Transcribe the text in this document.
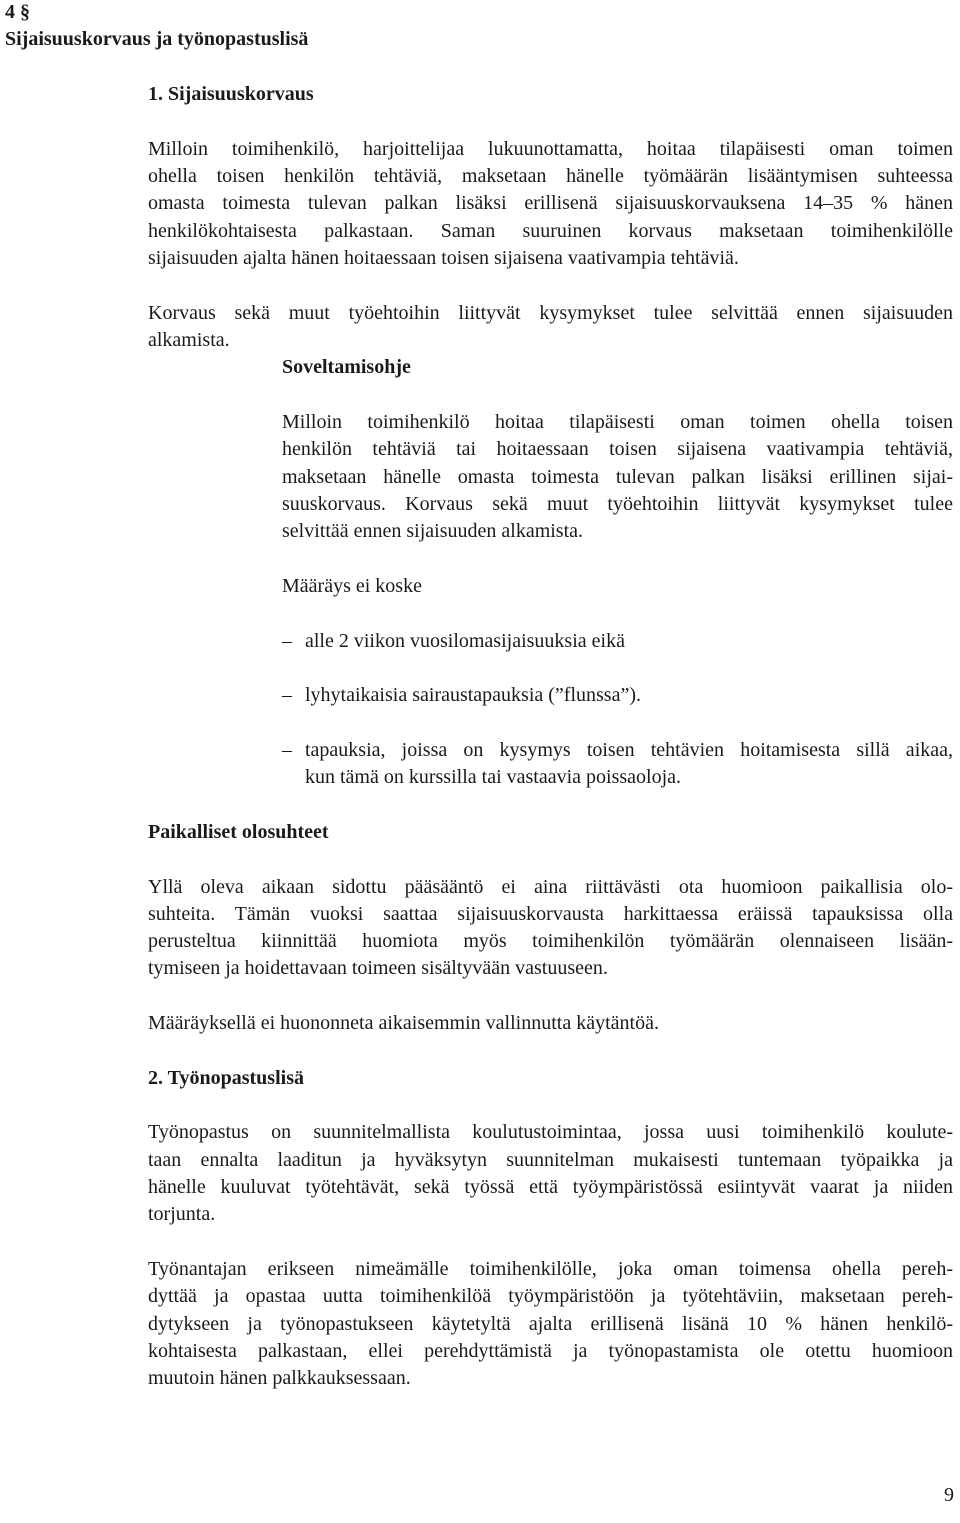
4 §
Sijaisuuskorvaus ja työnopastuslisä
1. Sijaisuuskorvaus
Milloin toimihenkilö, harjoittelijaa lukuunottamatta, hoitaa tilapäisesti oman toimen
ohella toisen henkilön tehtäviä, maksetaan hänelle työmäärän lisääntymisen suhteessa
omasta toimesta tulevan palkan lisäksi erillisenä sijaisuuskorvauksena 14–35 % hänen
henkilökohtaisesta palkastaan. Saman suuruinen korvaus maksetaan toimihenkilölle
sijaisuuden ajalta hänen hoitaessaan toisen sijaisena vaativampia tehtäviä.
Korvaus sekä muut työehtoihin liittyvät kysymykset tulee selvittää ennen sijaisuuden
alkamista.
Soveltamisohje
Milloin toimihenkilö hoitaa tilapäisesti oman toimen ohella toisen
henkilön tehtäviä tai hoitaessaan toisen sijaisena vaativampia tehtäviä,
maksetaan hänelle omasta toimesta tulevan palkan lisäksi erillinen sijai-
suuskorvaus. Korvaus sekä muut työehtoihin liittyvät kysymykset tulee
selvittää ennen sijaisuuden alkamista.
Määräys ei koske
– alle 2 viikon vuosilomasijaisuuksia eikä
– lyhytaikaisia sairaustapauksia (”flunssa”).
– tapauksia, joissa on kysymys toisen tehtävien hoitamisesta sillä aikaa,
kun tämä on kurssilla tai vastaavia poissaoloja.
Paikalliset olosuhteet
Yllä oleva aikaan sidottu pääsääntö ei aina riittävästi ota huomioon paikallisia olo-
suhteita. Tämän vuoksi saattaa sijaisuuskorvausta harkittaessa eräissä tapauksissa olla
perusteltua kiinnittää huomiota myös toimihenkilön työmäärän olennaiseen lisään-
tymiseen ja hoidettavaan toimeen sisältyvään vastuuseen.
Määräyksellä ei huononneta aikaisemmin vallinnutta käytäntöä.
2. Työnopastuslisä
Työnopastus on suunnitelmallista koulutustoimintaa, jossa uusi toimihenkilö koulute-
taan ennalta laaditun ja hyväksytyn suunnitelman mukaisesti tuntemaan työpaikka ja
hänelle kuuluvat työtehtävät, sekä työssä että työympäristössä esiintyvät vaarat ja niiden
torjunta.
Työnantajan erikseen nimeämälle toimihenkilölle, joka oman toimensa ohella pereh-
dyttää ja opastaa uutta toimihenkilöä työympäristöön ja työtehtäviin, maksetaan pereh-
dytykseen ja työnopastukseen käytetyltä ajalta erillisenä lisänä 10 % hänen henkilö-
kohtaisesta palkastaan, ellei perehdyttämistä ja työnopastamista ole otettu huomioon
muutoin hänen palkkauksessaan.
9
